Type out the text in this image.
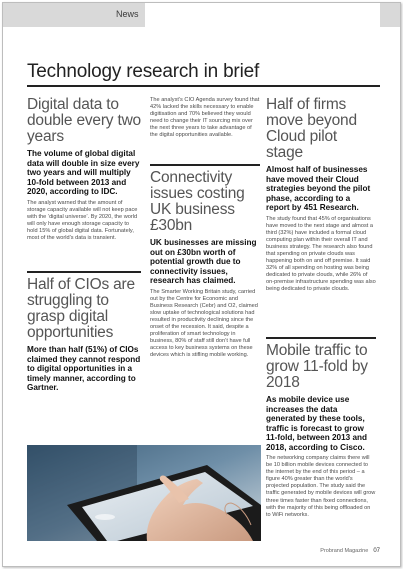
News
Technology research in brief
Digital data to double every two years
The volume of global digital data will double in size every two years and will multiply 10-fold between 2013 and 2020, according to IDC.
The analyst warned that the amount of storage capacity available will not keep pace with the ‘digital universe’. By 2020, the world will only have enough storage capacity to hold 15% of global digital data. Fortunately, most of the world’s data is transient.
Half of CIOs are struggling to grasp digital opportunities
More than half (51%) of CIOs claimed they cannot respond to digital opportunities in a timely manner, according to Gartner.
The analyst’s CIO Agenda survey found that 42% lacked the skills necessary to enable digitisation and 70% believed they would need to change their IT sourcing mix over the next three years to take advantage of the digital opportunities available.
Connectivity issues costing UK business £30bn
UK businesses are missing out on £30bn worth of potential growth due to connectivity issues, research has claimed.
The Smarter Working Britain study, carried out by the Centre for Economic and Business Research (Cebr) and O2, claimed slow uptake of technological solutions had resulted in productivity declining since the onset of the recession. It said, despite a proliferation of smart technology in business, 80% of staff still don’t have full access to key business systems on these devices which is stifling mobile working.
Half of firms move beyond Cloud pilot stage
Almost half of businesses have moved their Cloud strategies beyond the pilot phase, according to a report by 451 Research.
The study found that 45% of organisations have moved to the next stage and almost a third (32%) have included a formal cloud computing plan within their overall IT and business strategy. The research also found that spending on private clouds was happening both on and off premise. It said 32% of all spending on hosting was being dedicated to private clouds, while 26% of on-premise infrastructure spending was also being dedicated to private clouds.
Mobile traffic to grow 11-fold by 2018
As mobile device use increases the data generated by these tools, traffic is forecast to grow 11-fold, between 2013 and 2018, according to Cisco.
The networking company claims there will be 10 billion mobile devices connected to the internet by the end of this period – a figure 40% greater than the world’s projected population. The study said the traffic generated by mobile devices will grow three times faster than fixed connections, with the majority of this being offloaded on to WiFi networks.
Probrand Magazine 07
